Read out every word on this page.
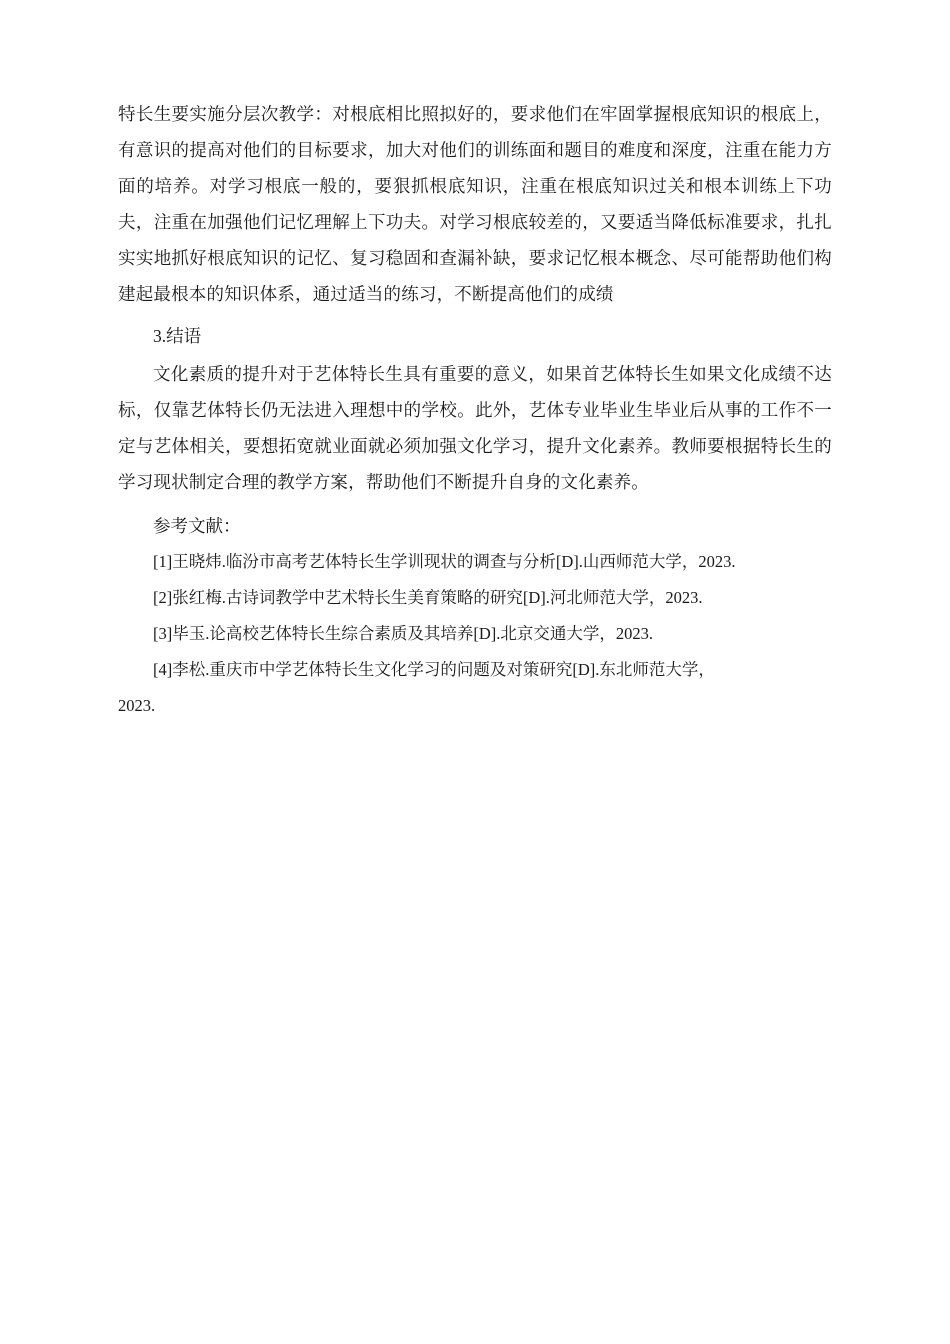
特长生要实施分层次教学：对根底相比照拟好的，要求他们在牢固掌握根底知识的根底上，有意识的提高对他们的目标要求，加大对他们的训练面和题目的难度和深度，注重在能力方面的培养。对学习根底一般的，要狠抓根底知识，注重在根底知识过关和根本训练上下功夫，注重在加强他们记忆理解上下功夫。对学习根底较差的，又要适当降低标准要求，扎扎实实地抓好根底知识的记忆、复习稳固和查漏补缺，要求记忆根本概念、尽可能帮助他们构建起最根本的知识体系，通过适当的练习，不断提高他们的成绩

3.结语

文化素质的提升对于艺体特长生具有重要的意义，如果首艺体特长生如果文化成绩不达标，仅靠艺体特长仍无法进入理想中的学校。此外，艺体专业毕业生毕业后从事的工作不一定与艺体相关，要想拓宽就业面就必须加强文化学习，提升文化素养。教师要根据特长生的学习现状制定合理的教学方案，帮助他们不断提升自身的文化素养。

参考文献：

[1]王晓炜.临汾市高考艺体特长生学训现状的调查与分析[D].山西师范大学，2023.

[2]张红梅.古诗词教学中艺术特长生美育策略的研究[D].河北师范大学，2023.

[3]毕玉.论高校艺体特长生综合素质及其培养[D].北京交通大学，2023.

[4]李松.重庆市中学艺体特长生文化学习的问题及对策研究[D].东北师范大学，

2023.
